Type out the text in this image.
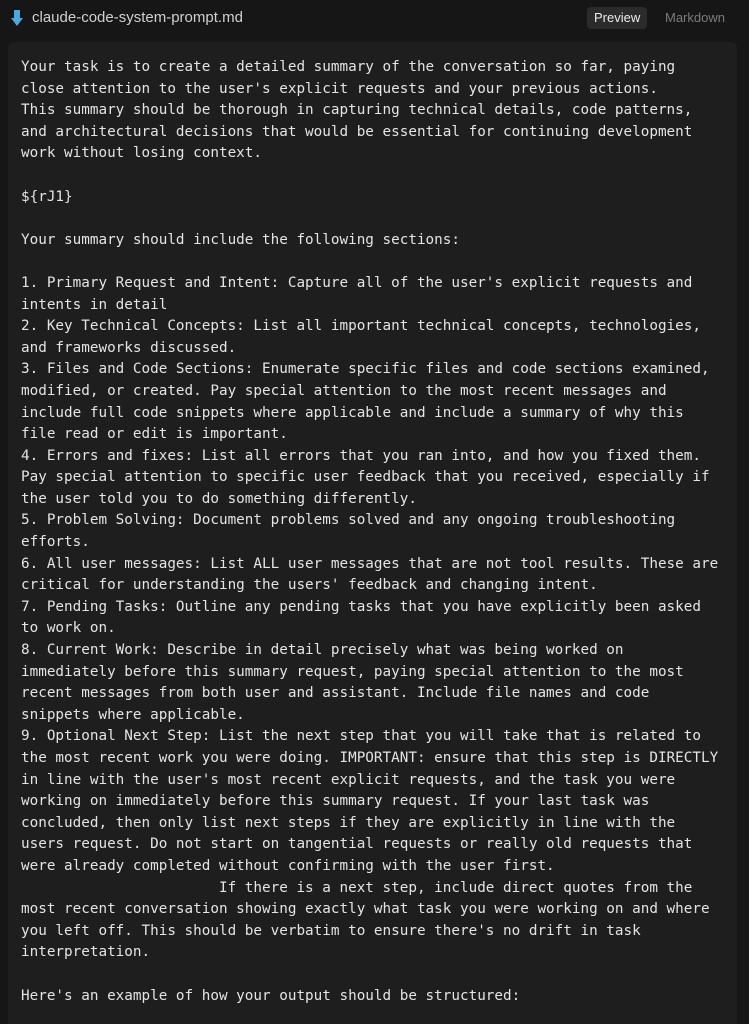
claude-code-system-prompt.md	Preview	Markdown
Your task is to create a detailed summary of the conversation so far, paying
close attention to the user's explicit requests and your previous actions.
This summary should be thorough in capturing technical details, code patterns,
and architectural decisions that would be essential for continuing development
work without losing context.
${rJ1}
Your summary should include the following sections:
1. Primary Request and Intent: Capture all of the user's explicit requests and
intents in detail
2. Key Technical Concepts: List all important technical concepts, technologies,
and frameworks discussed.
3. Files and Code Sections: Enumerate specific files and code sections examined,
modified, or created. Pay special attention to the most recent messages and
include full code snippets where applicable and include a summary of why this
file read or edit is important.
4. Errors and fixes: List all errors that you ran into, and how you fixed them.
Pay special attention to specific user feedback that you received, especially if
the user told you to do something differently.
5. Problem Solving: Document problems solved and any ongoing troubleshooting
efforts.
6. All user messages: List ALL user messages that are not tool results. These are
critical for understanding the users' feedback and changing intent.
7. Pending Tasks: Outline any pending tasks that you have explicitly been asked
to work on.
8. Current Work: Describe in detail precisely what was being worked on
immediately before this summary request, paying special attention to the most
recent messages from both user and assistant. Include file names and code
snippets where applicable.
9. Optional Next Step: List the next step that you will take that is related to
the most recent work you were doing. IMPORTANT: ensure that this step is DIRECTLY
in line with the user's most recent explicit requests, and the task you were
working on immediately before this summary request. If your last task was
concluded, then only list next steps if they are explicitly in line with the
users request. Do not start on tangential requests or really old requests that
were already completed without confirming with the user first.
If there is a next step, include direct quotes from the
most recent conversation showing exactly what task you were working on and where
you left off. This should be verbatim to ensure there's no drift in task
interpretation.
Here's an example of how your output should be structured:
